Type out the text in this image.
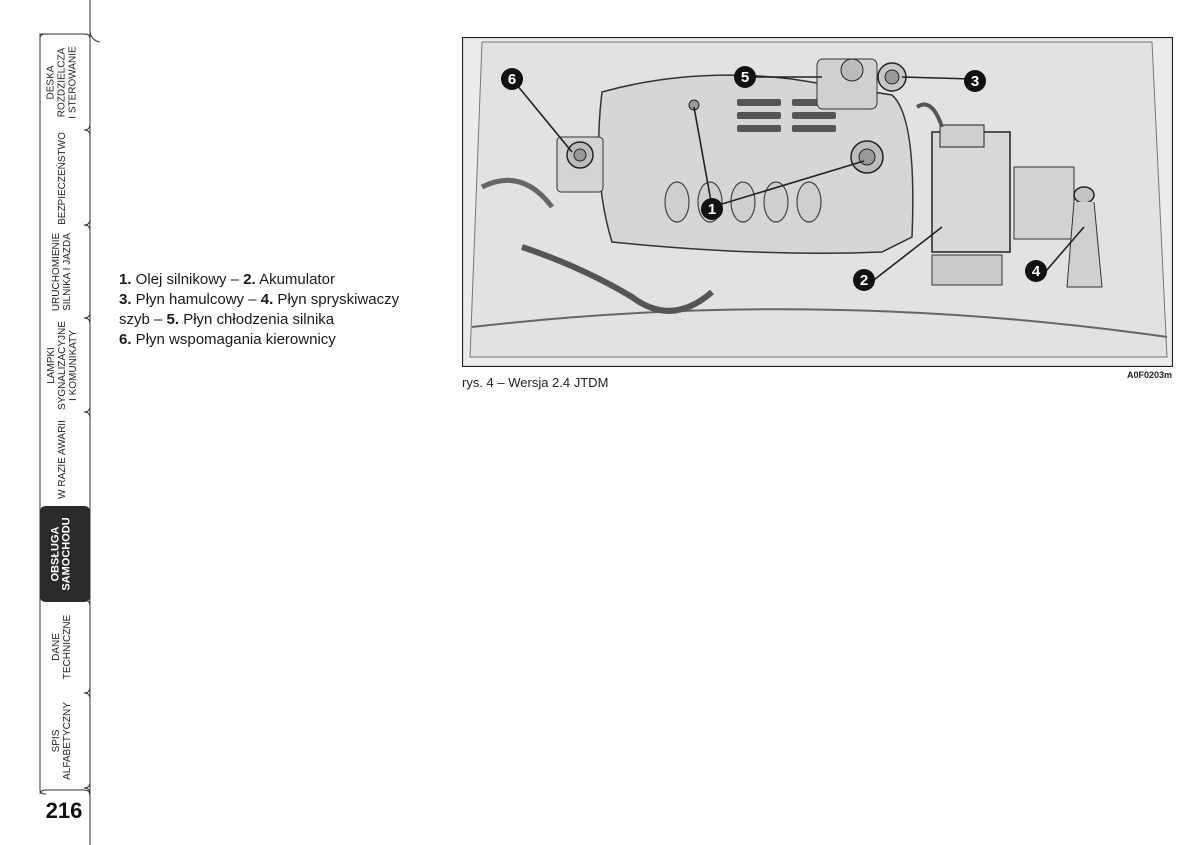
DESKA
ROZDZIELCZA
I STEROWANIE
BEZPIECZEŃSTWO
URUCHOMIENIE
SILNIKA I JAZDA
LAMPKI
SYGNALIZACYJNE
I KOMUNIKATY
W RAZIE AWARII
OBSŁUGA
SAMOCHODU
DANE
TECHNICZNE
SPIS
ALFABETYCZNY
216
1. Olej silnikowy – 2. Akumulator
3. Płyn hamulcowy – 4. Płyn spryskiwaczy
szyb – 5. Płyn chłodzenia silnika
6. Płyn wspomagania kierownicy
1
2
3
4
5
6
A0F0203m
rys. 4 – Wersja 2.4 JTDM
